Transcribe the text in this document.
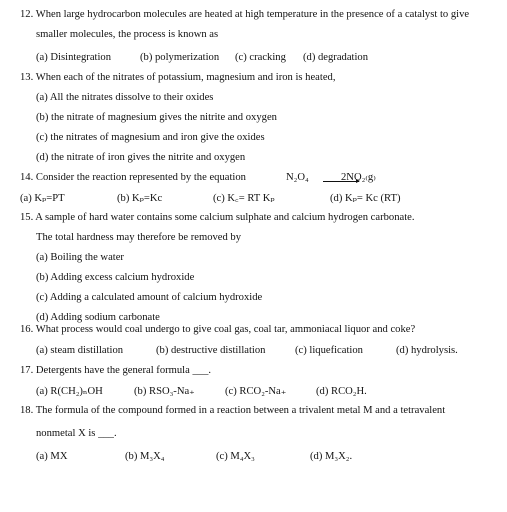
12. When large hydrocarbon molecules are heated at high temperature in the presence of a catalyst to give
smaller molecules, the process is known as
(a) Disintegration	(b) polymerization (c) cracking (d) degradation
13. When each of the nitrates of potassium, magnesium and iron is heated,
(a) All the nitrates dissolve to their oxides
(b) the nitrate of magnesium gives the nitrite and oxygen
(c) the nitrates of magnesium and iron give the oxides
(d) the nitrate of iron gives the nitrite and oxygen
14. Consider the reaction represented by the equation	N₂O₄ →
2NO₂₍g₎
(a) Kₚ=PT	(b) Kₚ=Kc	(c) K꜀= RT Kₚ	(d) Kₚ= Kc (RT)
15. A sample of hard water contains some calcium sulphate and calcium hydrogen carbonate.
The total hardness may therefore be removed by
(a) Boiling the water
(b) Adding excess calcium hydroxide
(c) Adding a calculated amount of calcium hydroxide
(d) Adding sodium carbonate
16. What process would coal undergo to give coal gas, coal tar, ammoniacal liquor and coke?
(a) steam distillation	(b) destructive distillation	(c) liquefication	(d) hydrolysis.
17. Detergents have the general formula ___.
(a) R(CH₂)ₙOH	(b) RSO₃-Na₊	(c) RCO₂-Na₊	(d) RCO₂H.
18. The formula of the compound formed in a reaction between a trivalent metal M and a tetravalent
nonmetal X is ___.
(a) MX	(b) M₃X₄	(c) M₄X₃	(d) M₃X₂.
